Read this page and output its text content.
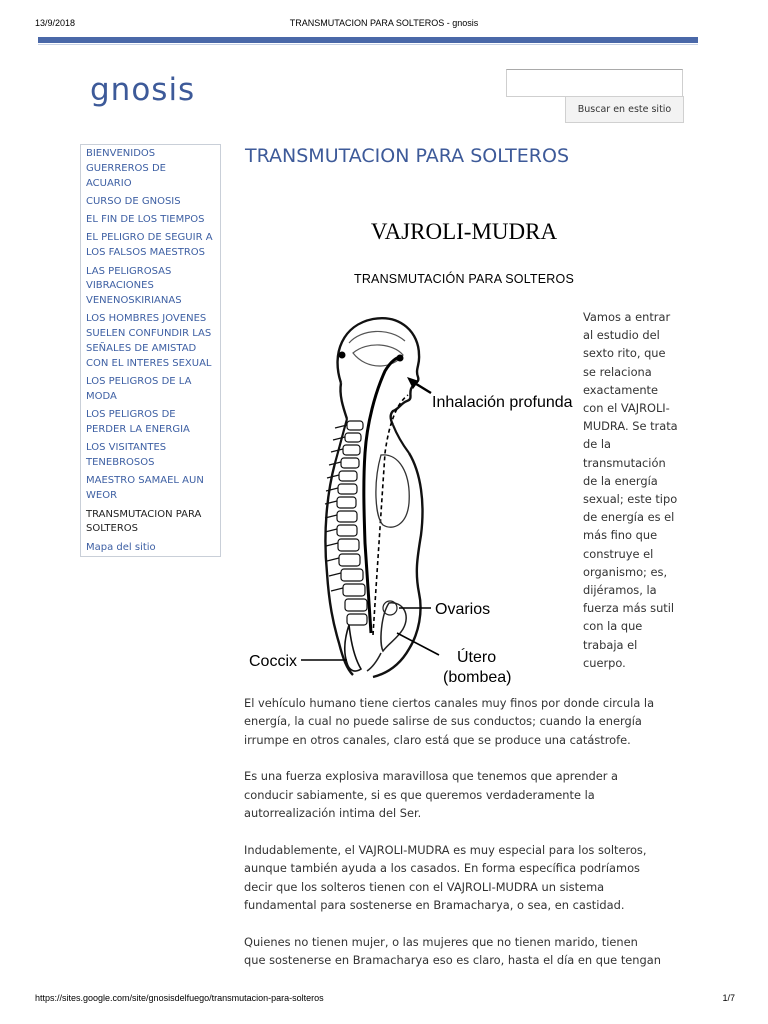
13/9/2018	TRANSMUTACION PARA SOLTEROS - gnosis
gnosis
Buscar en este sitio
BIENVENIDOS
GUERREROS DE
ACUARIO
CURSO DE GNOSIS
EL FIN DE LOS TIEMPOS
EL PELIGRO DE SEGUIR A
LOS FALSOS MAESTROS
LAS PELIGROSAS
VIBRACIONES
VENENOSKIRIANAS
LOS HOMBRES JOVENES
SUELEN CONFUNDIR LAS
SEÑALES DE AMISTAD
CON EL INTERES SEXUAL
LOS PELIGROS DE LA
MODA
LOS PELIGROS DE
PERDER LA ENERGIA
LOS VISITANTES
TENEBROSOS
MAESTRO SAMAEL AUN
WEOR
TRANSMUTACION PARA
SOLTEROS
Mapa del sitio
TRANSMUTACION PARA SOLTEROS
VAJROLI-MUDRA
TRANSMUTACIÓN PARA SOLTEROS
Inhalación profunda
Ovarios
Coccix	Útero
(bombea)
Vamos a entrar
al estudio del
sexto rito, que
se relaciona
exactamente
con el VAJROLI-
MUDRA. Se trata
de la
transmutación
de la energía
sexual; este tipo
de energía es el
más fino que
construye el
organismo; es,
dijéramos, la
fuerza más sutil
con la que
trabaja el
cuerpo.

El vehículo humano tiene ciertos canales muy finos por donde circula la
energía, la cual no puede salirse de sus conductos; cuando la energía
irrumpe en otros canales, claro está que se produce una catástrofe.

Es una fuerza explosiva maravillosa que tenemos que aprender a
conducir sabiamente, si es que queremos verdaderamente la
autorrealización intima del Ser.

Indudablemente, el VAJROLI-MUDRA es muy especial para los solteros,
aunque también ayuda a los casados. En forma específica podríamos
decir que los solteros tienen con el VAJROLI-MUDRA un sistema
fundamental para sostenerse en Bramacharya, o sea, en castidad.

Quienes no tienen mujer, o las mujeres que no tienen marido, tienen
que sostenerse en Bramacharya eso es claro, hasta el día en que tengan

https://sites.google.com/site/gnosisdelfuego/transmutacion-para-solteros	1/7
